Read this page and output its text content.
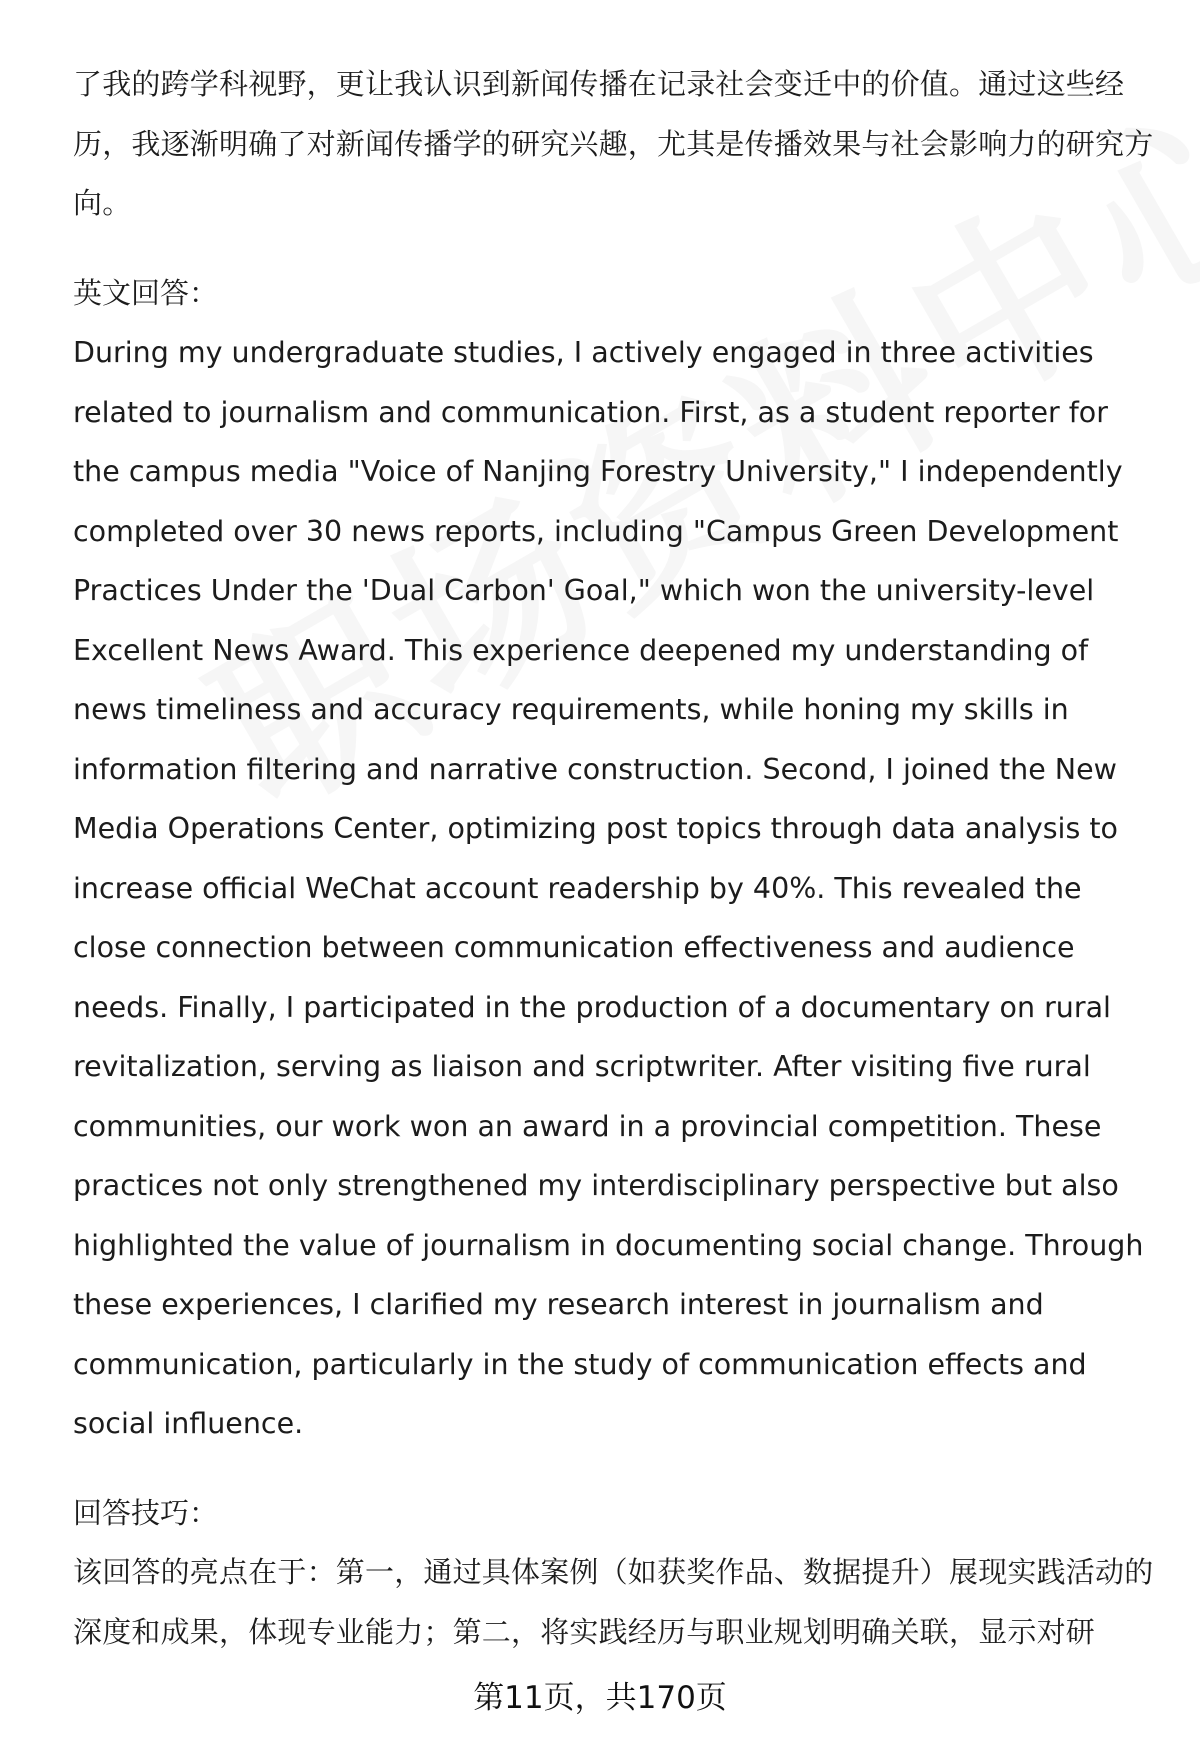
了我的跨学科视野，更让我认识到新闻传播在记录社会变迁中的价值。通过这些经历，我逐渐明确了对新闻传播学的研究兴趣，尤其是传播效果与社会影响力的研究方向。

英文回答：

During my undergraduate studies, I actively engaged in three activities related to journalism and communication. First, as a student reporter for the campus media "Voice of Nanjing Forestry University," I independently completed over 30 news reports, including "Campus Green Development Practices Under the 'Dual Carbon' Goal," which won the university-level Excellent News Award. This experience deepened my understanding of news timeliness and accuracy requirements, while honing my skills in information filtering and narrative construction. Second, I joined the New Media Operations Center, optimizing post topics through data analysis to increase official WeChat account readership by 40%. This revealed the close connection between communication effectiveness and audience needs. Finally, I participated in the production of a documentary on rural revitalization, serving as liaison and scriptwriter. After visiting five rural communities, our work won an award in a provincial competition. These practices not only strengthened my interdisciplinary perspective but also highlighted the value of journalism in documenting social change. Through these experiences, I clarified my research interest in journalism and communication, particularly in the study of communication effects and social influence.

回答技巧：

该回答的亮点在于：第一，通过具体案例（如获奖作品、数据提升）展现实践活动的深度和成果，体现专业能力；第二，将实践经历与职业规划明确关联，显示对研

第11页，共170页
